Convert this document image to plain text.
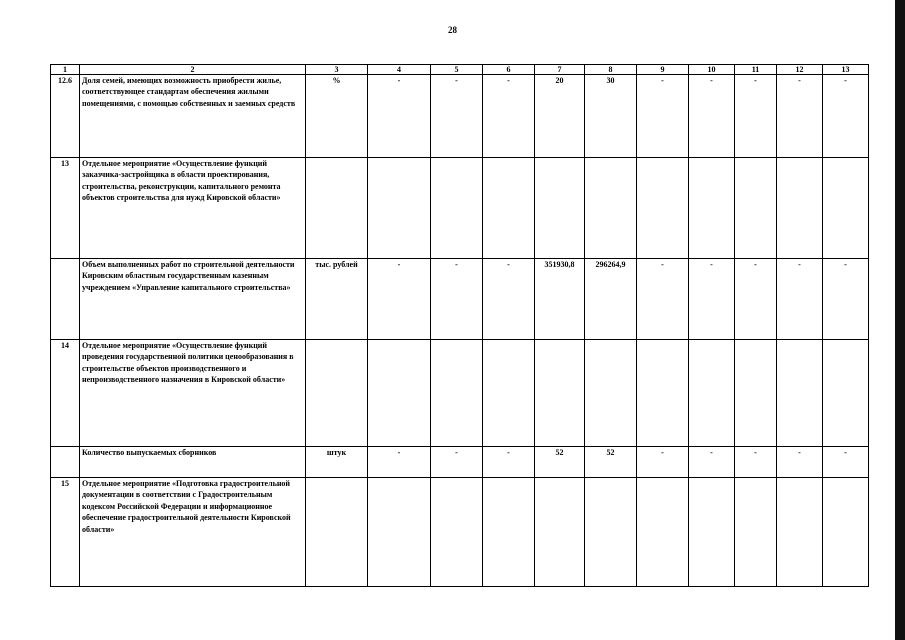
28
1	2	3	4	5	6	7	8	9	10	11	12	13
12.6	Доля семей, имеющих возможность приобрести жилье, соответствующее стандартам обеспечения жилыми помещениями, с помощью собственных и заемных средств	%	-	-	-	20	30	-	-	-	-	-
13	Отдельное мероприятие «Осуществление функций заказчика-застройщика в области проектирования, строительства, реконструкции, капитального ремонта объектов строительства для нужд Кировской области»											
	Объем выполненных работ по строительной деятельности Кировским областным государственным казенным учреждением «Управление капитального строительства»	тыс. рублей	-	-	-	351930,8	296264,9	-	-	-	-	-
14	Отдельное мероприятие «Осуществление функций проведения государственной политики ценообразования в строительстве объектов производственного и непроизводственного назначения в Кировской области»											
	Количество выпускаемых сборников	штук	-	-	-	52	52	-	-	-	-	-
15	Отдельное мероприятие «Подготовка градостроительной документации в соответствии с Градостроительным кодексом Российской Федерации и информационное обеспечение градостроительной деятельности Кировской области»											
